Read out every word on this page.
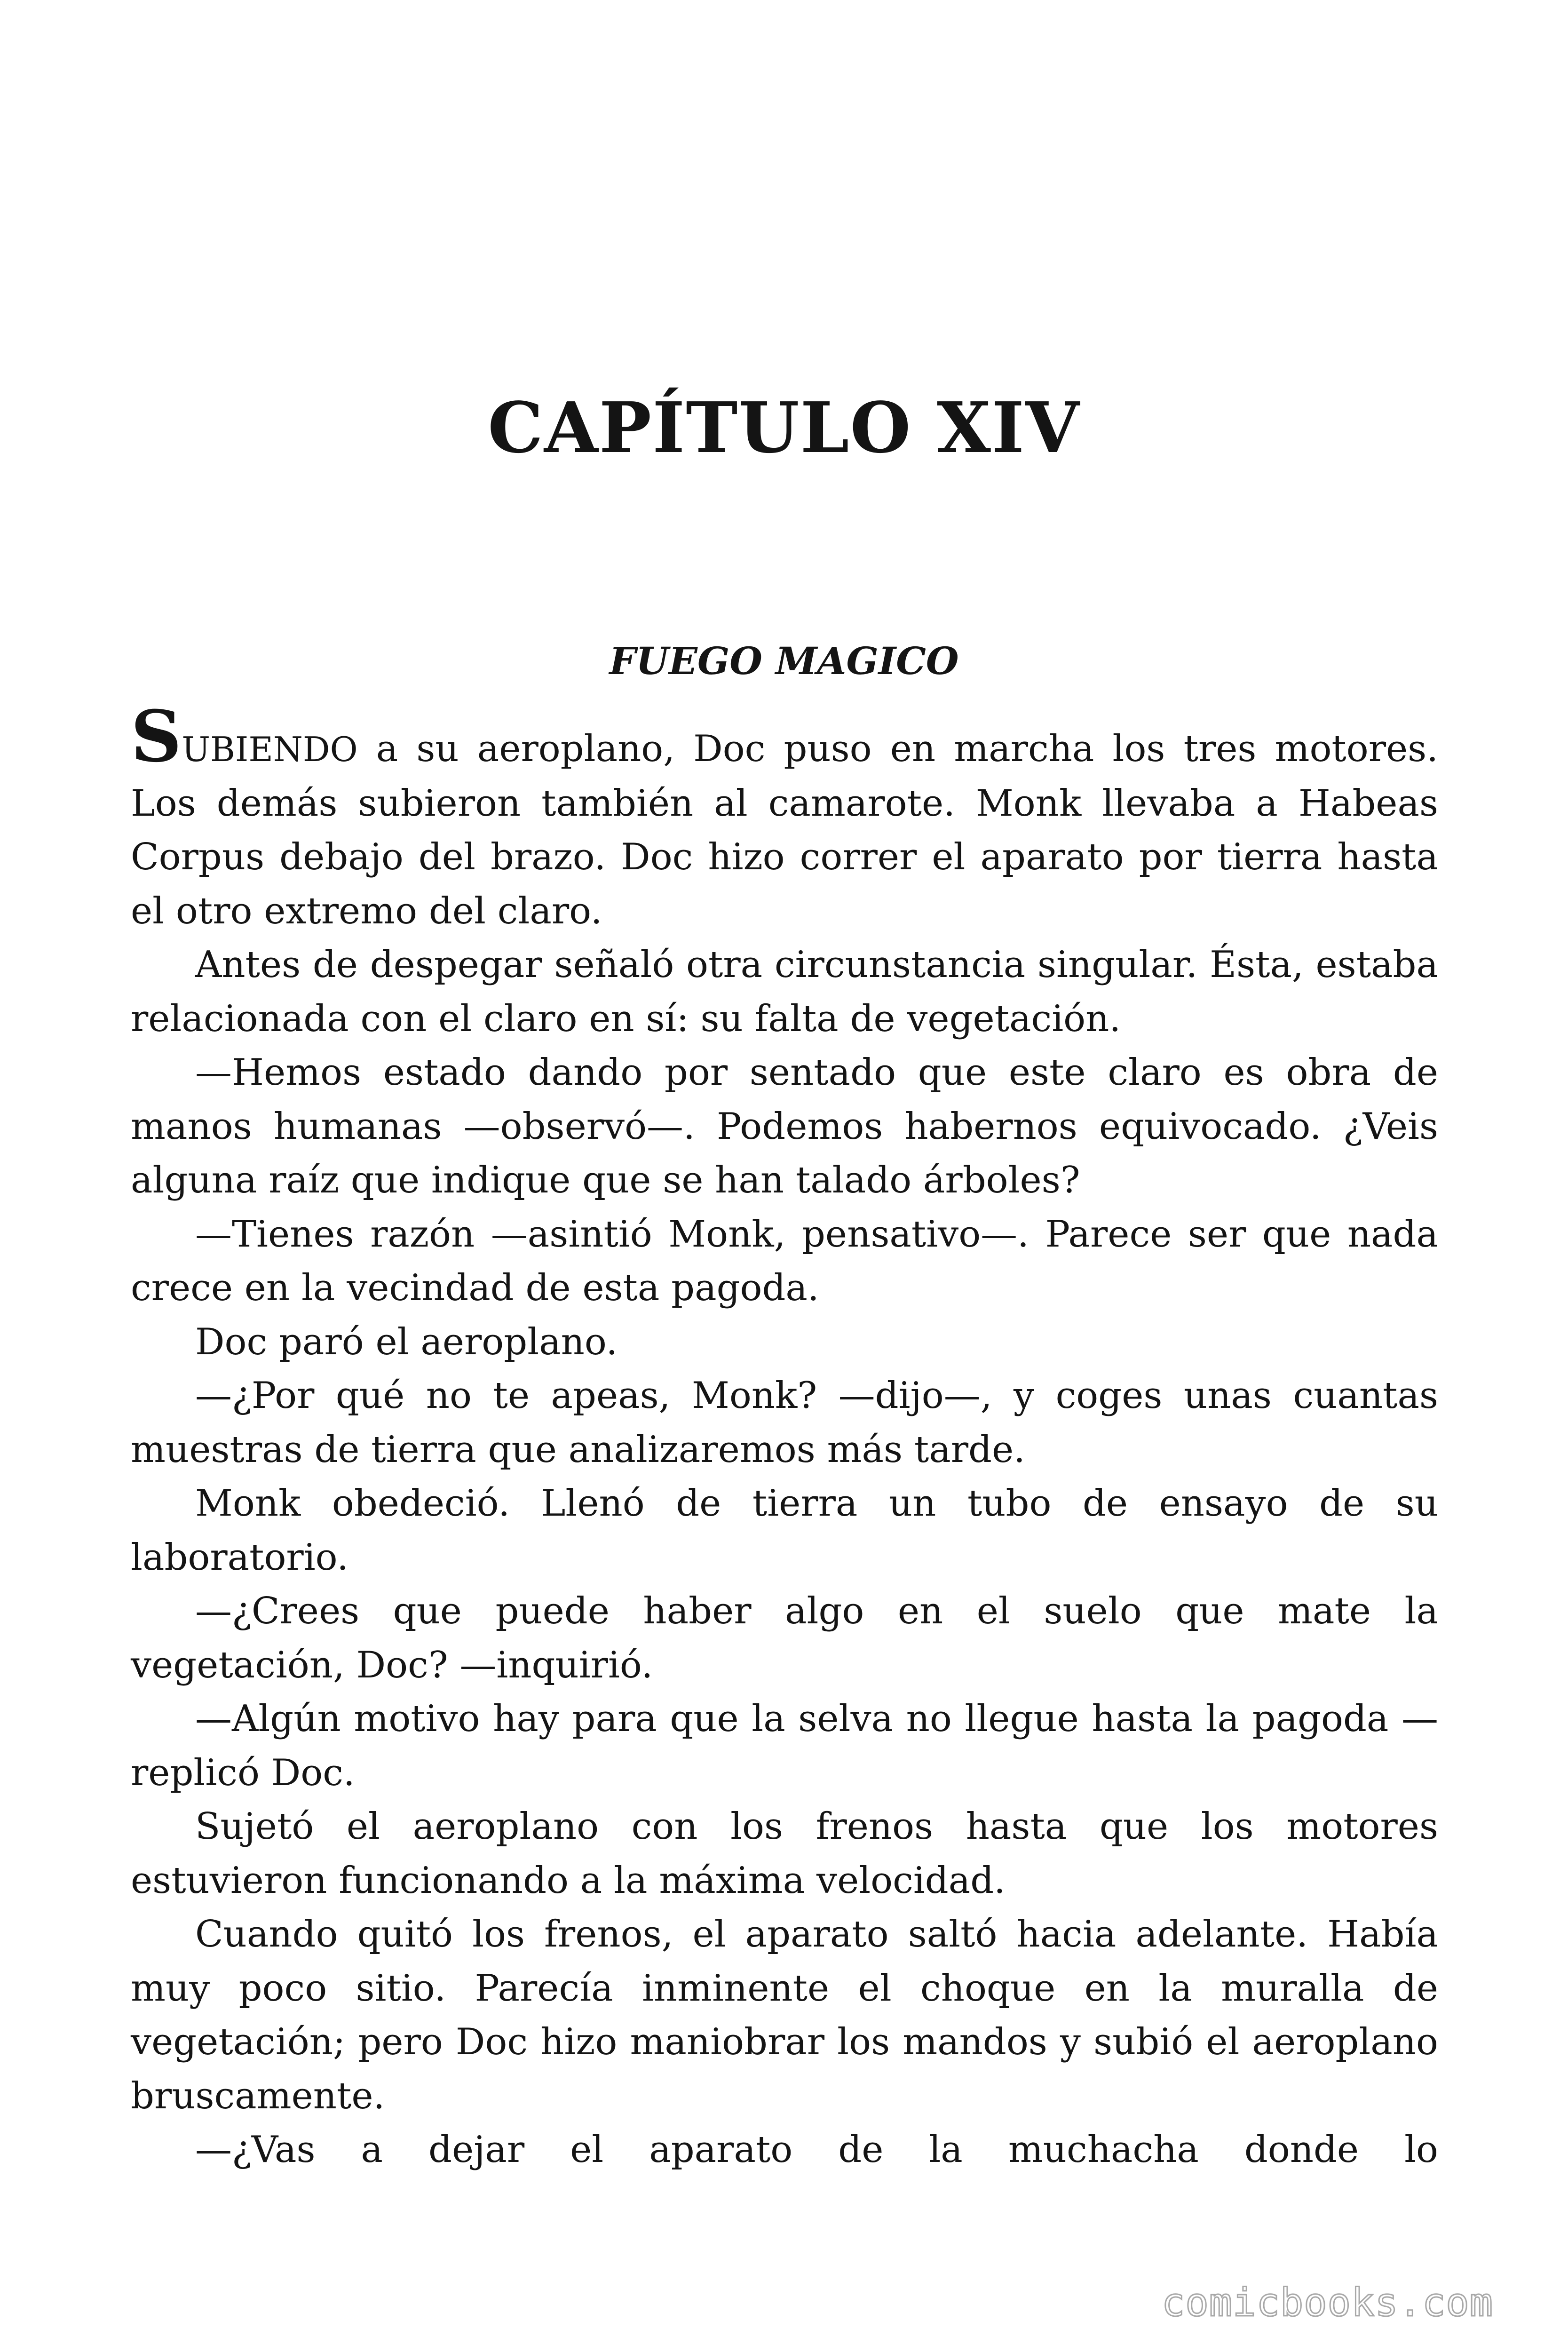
CAPÍTULO XIV
FUEGO MAGICO

SUBIENDO a su aeroplano, Doc puso en marcha los tres motores. Los demás subieron también al camarote. Monk llevaba a Habeas Corpus debajo del brazo. Doc hizo correr el aparato por tierra hasta el otro extremo del claro.

Antes de despegar señaló otra circunstancia singular. Ésta, estaba relacionada con el claro en sí: su falta de vegetación.

—Hemos estado dando por sentado que este claro es obra de manos humanas —observó—. Podemos habernos equivocado. ¿Veis alguna raíz que indique que se han talado árboles?

—Tienes razón —asintió Monk, pensativo—. Parece ser que nada crece en la vecindad de esta pagoda.

Doc paró el aeroplano.

—¿Por qué no te apeas, Monk? —dijo—, y coges unas cuantas muestras de tierra que analizaremos más tarde.

Monk obedeció. Llenó de tierra un tubo de ensayo de su laboratorio.

—¿Crees que puede haber algo en el suelo que mate la vegetación, Doc? —inquirió.

—Algún motivo hay para que la selva no llegue hasta la pagoda —replicó Doc.

Sujetó el aeroplano con los frenos hasta que los motores estuvieron funcionando a la máxima velocidad.

Cuando quitó los frenos, el aparato saltó hacia adelante. Había muy poco sitio. Parecía inminente el choque en la muralla de vegetación; pero Doc hizo maniobrar los mandos y subió el aeroplano bruscamente.

—¿Vas a dejar el aparato de la muchacha donde lo

comicbooks.com
